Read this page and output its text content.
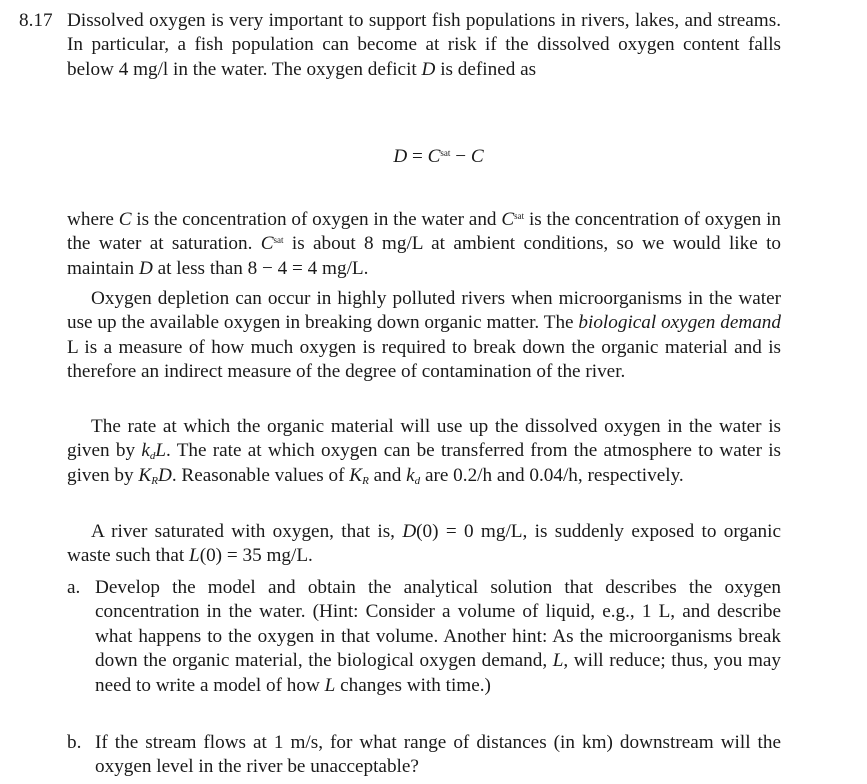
8.17 Dissolved oxygen is very important to support fish populations in rivers, lakes, and streams. In particular, a fish population can become at risk if the dissolved oxygen content falls below 4 mg/l in the water. The oxygen deficit D is defined as
$D = C^{sat} - C$
where C is the concentration of oxygen in the water and $C^{sat}$ is the concentration of oxygen in the water at saturation. $C^{sat}$ is about 8 mg/L at ambient conditions, so we would like to maintain D at less than 8 − 4 = 4 mg/L.
Oxygen depletion can occur in highly polluted rivers when microorganisms in the water use up the available oxygen in breaking down organic matter. The biological oxygen demand L is a measure of how much oxygen is required to break down the organic material and is therefore an indirect measure of the degree of contamination of the river.
The rate at which the organic material will use up the dissolved oxygen in the water is given by $k_dL$. The rate at which oxygen can be transferred from the atmosphere to water is given by $K_RD$. Reasonable values of $K_R$ and $k_d$ are 0.2/h and 0.04/h, respectively.
A river saturated with oxygen, that is, D(0) = 0 mg/L, is suddenly exposed to organic waste such that L(0) = 35 mg/L.
a. Develop the model and obtain the analytical solution that describes the oxygen concentration in the water. (Hint: Consider a volume of liquid, e.g., 1 L, and describe what happens to the oxygen in that volume. Another hint: As the microorganisms break down the organic material, the biological oxygen demand, L, will reduce; thus, you may need to write a model of how L changes with time.)
b. If the stream flows at 1 m/s, for what range of distances (in km) downstream will the oxygen level in the river be unacceptable?
